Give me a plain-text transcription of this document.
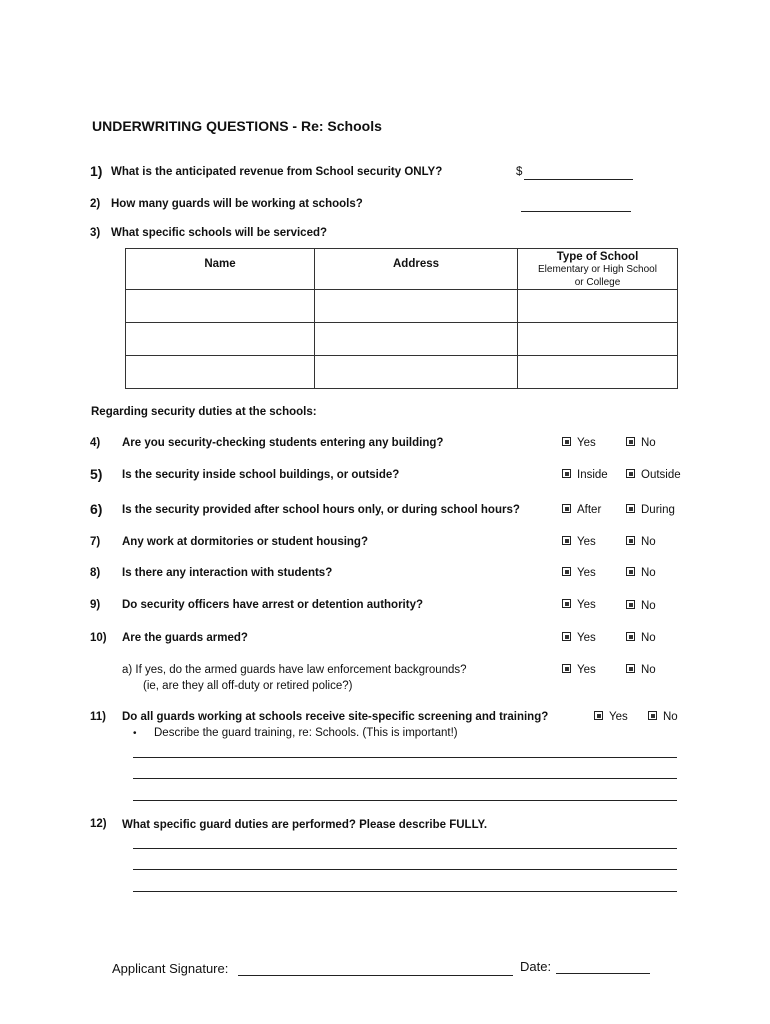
UNDERWRITING QUESTIONS - Re: Schools
1) What is the anticipated revenue from School security ONLY?	$
2) How many guards will be working at schools?
3) What specific schools will be serviced?
Name	Address	Type of School
Elementary or High School
or College

Regarding security duties at the schools:
4) Are you security-checking students entering any building?	Yes	No
5) Is the security inside school buildings, or outside?	Inside	Outside
6) Is the security provided after school hours only, or during school hours?	After	During
7) Any work at dormitories or student housing?	Yes	No
8) Is there any interaction with students?	Yes	No
9) Do security officers have arrest or detention authority?	Yes	No
10) Are the guards armed?	Yes	No
a) If yes, do the armed guards have law enforcement backgrounds?
(ie, are they all off-duty or retired police?)
Yes	No
11) Do all guards working at schools receive site-specific screening and training?	Yes	No
• Describe the guard training, re: Schools. (This is important!)
12) What specific guard duties are performed? Please describe FULLY.
Applicant Signature:	Date:
